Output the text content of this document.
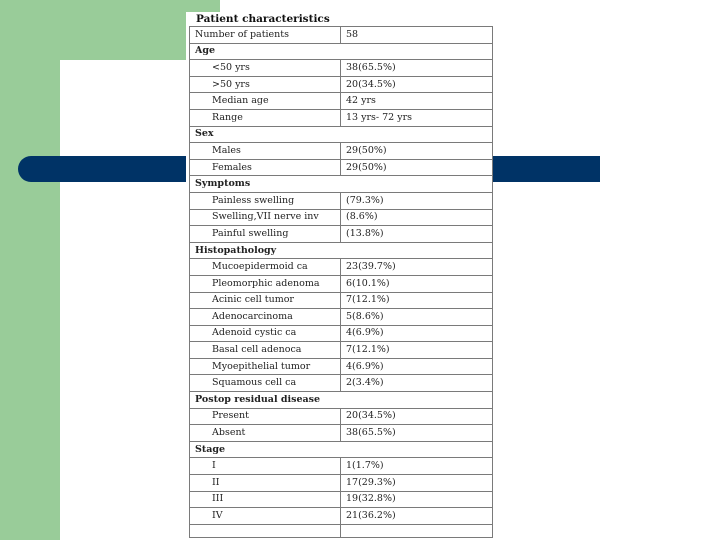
Patient characteristics
Number of patients	58
Age	
<50 yrs	38(65.5%)
>50 yrs	20(34.5%)
Median age	42 yrs
Range	13 yrs- 72 yrs
Sex	
Males	29(50%)
Females	29(50%)
Symptoms	
Painless swelling	(79.3%)
Swelling,VII nerve inv	(8.6%)
Painful swelling	(13.8%)
Histopathology	
Mucoepidermoid ca	23(39.7%)
Pleomorphic adenoma	6(10.1%)
Acinic cell tumor	7(12.1%)
Adenocarcinoma	5(8.6%)
Adenoid cystic ca	4(6.9%)
Basal cell adenoca	7(12.1%)
Myoepithelial tumor	4(6.9%)
Squamous cell ca	2(3.4%)
Postop residual disease	
Present	20(34.5%)
Absent	38(65.5%)
Stage	
I	1(1.7%)
II	17(29.3%)
III	19(32.8%)
IV	21(36.2%)
